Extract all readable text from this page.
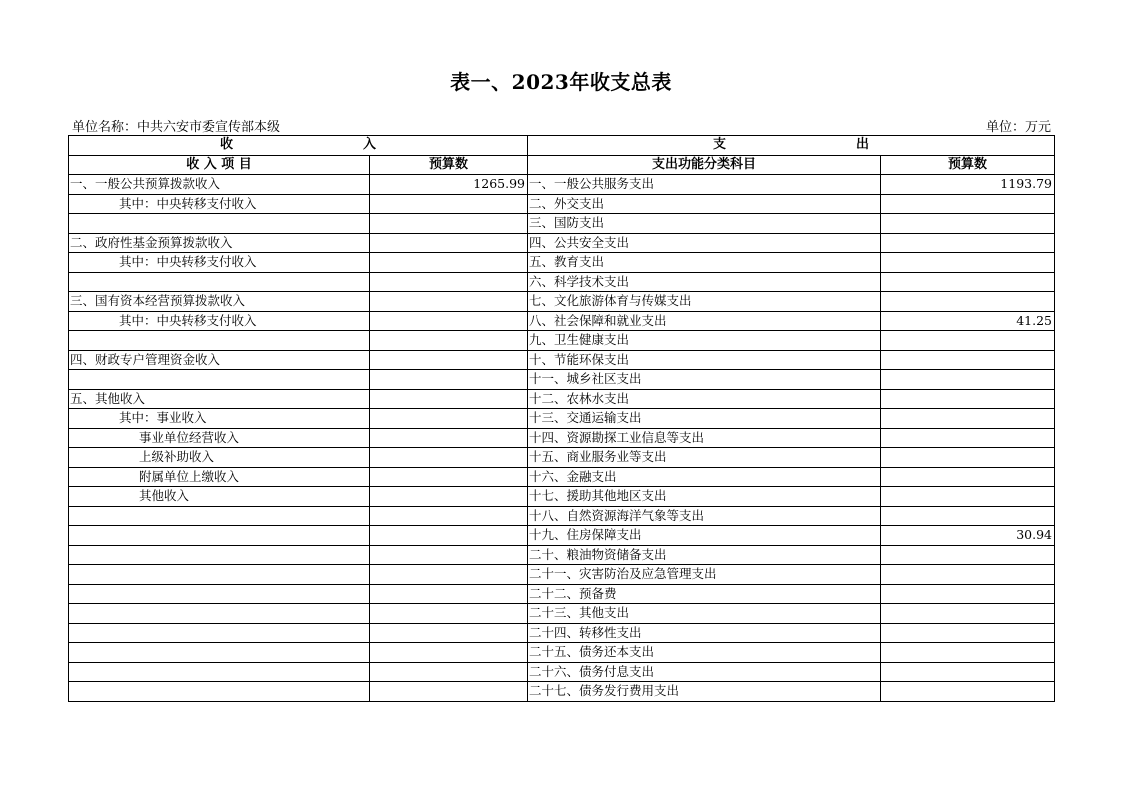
表一、2023年收支总表
单位名称：中共六安市委宣传部本级	单位：万元
收 入		支 出	
收 入 项 目	预算数	支出功能分类科目	预算数
一、一般公共预算拨款收入	1265.99	一、一般公共服务支出	1193.79
其中：中央转移支付收入		二、外交支出	
		三、国防支出	
二、政府性基金预算拨款收入		四、公共安全支出	
其中：中央转移支付收入		五、教育支出	
		六、科学技术支出	
三、国有资本经营预算拨款收入		七、文化旅游体育与传媒支出	
其中：中央转移支付收入		八、社会保障和就业支出	41.25
		九、卫生健康支出	
四、财政专户管理资金收入		十、节能环保支出	
		十一、城乡社区支出	
五、其他收入		十二、农林水支出	
其中：事业收入		十三、交通运输支出	
事业单位经营收入		十四、资源勘探工业信息等支出	
上级补助收入		十五、商业服务业等支出	
附属单位上缴收入		十六、金融支出	
其他收入		十七、援助其他地区支出	
		十八、自然资源海洋气象等支出	
		十九、住房保障支出	30.94
		二十、粮油物资储备支出	
		二十一、灾害防治及应急管理支出	
		二十二、预备费	
		二十三、其他支出	
		二十四、转移性支出	
		二十五、债务还本支出	
		二十六、债务付息支出	
		二十七、债务发行费用支出	
